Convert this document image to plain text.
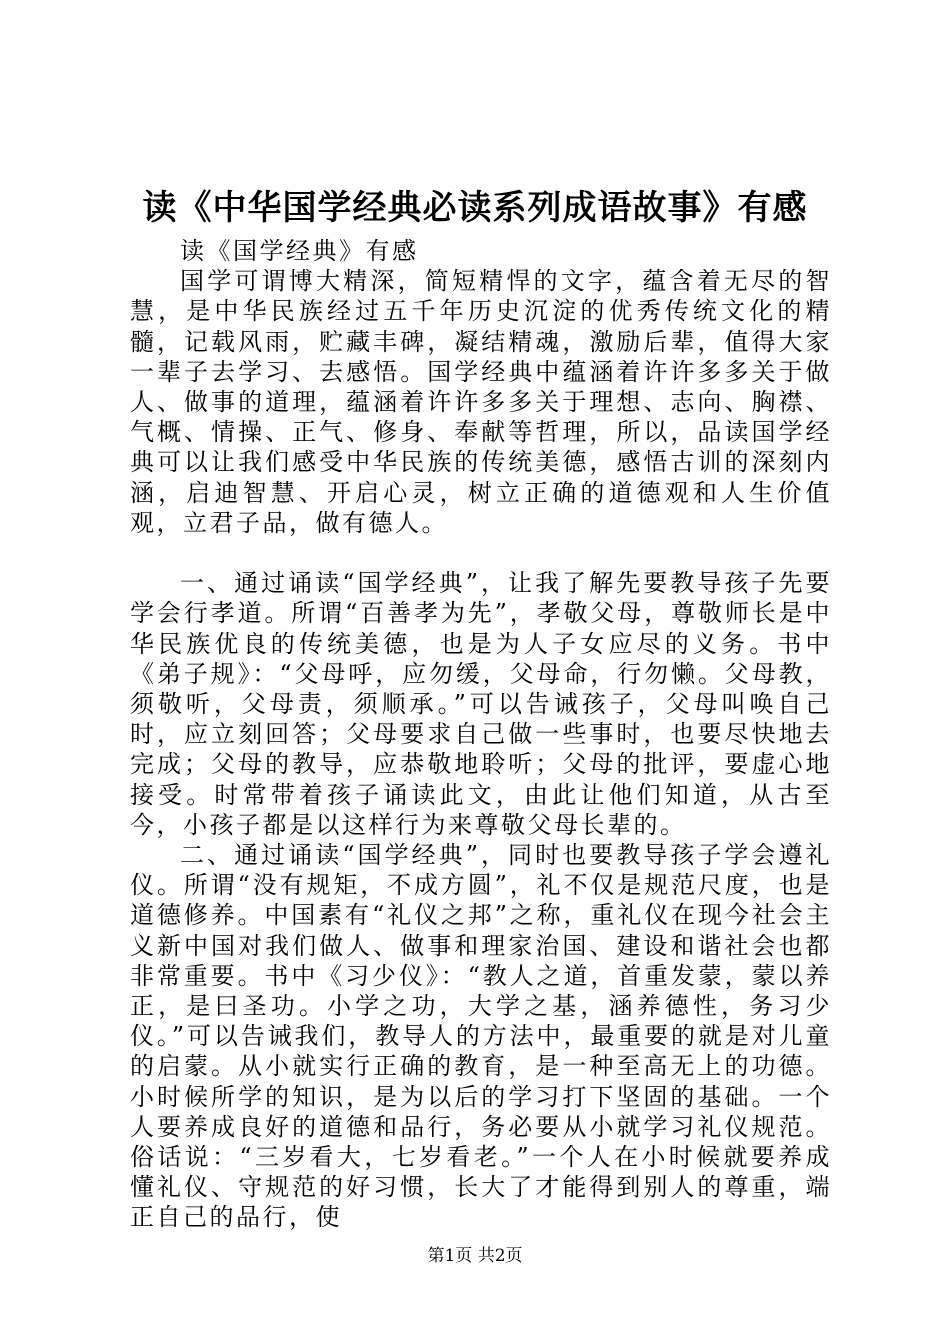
读《中华国学经典必读系列成语故事》有感

读《国学经典》有感

国学可谓博大精深，简短精悍的文字，蕴含着无尽的智慧，是中华民族经过五千年历史沉淀的优秀传统文化的精髓，记载风雨，贮藏丰碑，凝结精魂，激励后辈，值得大家一辈子去学习、去感悟。国学经典中蕴涵着许许多多关于做人、做事的道理，蕴涵着许许多多关于理想、志向、胸襟、气概、情操、正气、修身、奉献等哲理，所以，品读国学经典可以让我们感受中华民族的传统美德，感悟古训的深刻内涵，启迪智慧、开启心灵，树立正确的道德观和人生价值观，立君子品，做有德人。

一、通过诵读“国学经典”，让我了解先要教导孩子先要学会行孝道。所谓“百善孝为先”，孝敬父母，尊敬师长是中华民族优良的传统美德，也是为人子女应尽的义务。书中《弟子规》：“父母呼，应勿缓，父母命，行勿懒。父母教，须敬听，父母责，须顺承。”可以告诫孩子，父母叫唤自己时，应立刻回答；父母要求自己做一些事时，也要尽快地去完成；父母的教导，应恭敬地聆听；父母的批评，要虚心地接受。时常带着孩子诵读此文，由此让他们知道，从古至今，小孩子都是以这样行为来尊敬父母长辈的。

二、通过诵读“国学经典”，同时也要教导孩子学会遵礼仪。所谓“没有规矩，不成方圆”，礼不仅是规范尺度，也是道德修养。中国素有“礼仪之邦”之称，重礼仪在现今社会主义新中国对我们做人、做事和理家治国、建设和谐社会也都非常重要。书中《习少仪》：“教人之道，首重发蒙，蒙以养正，是曰圣功。小学之功，大学之基，涵养德性，务习少仪。”可以告诫我们，教导人的方法中，最重要的就是对儿童的启蒙。从小就实行正确的教育，是一种至高无上的功德。小时候所学的知识，是为以后的学习打下坚固的基础。一个人要养成良好的道德和品行，务必要从小就学习礼仪规范。俗话说：“三岁看大，七岁看老。”一个人在小时候就要养成懂礼仪、守规范的好习惯，长大了才能得到别人的尊重，端正自己的品行，使

第1页 共2页
